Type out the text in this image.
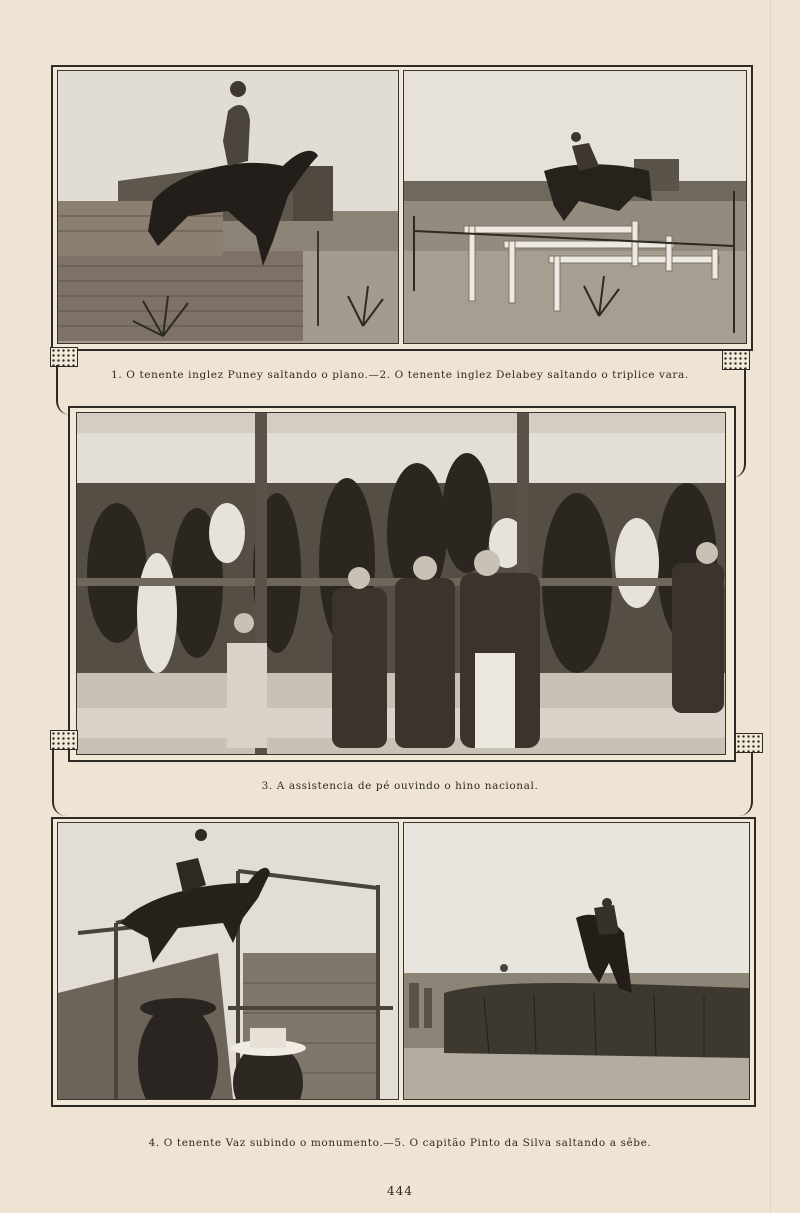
1. O tenente inglez Puney saltando o plano.—2. O tenente inglez Delabey saltando o triplice vara.
3. A assistencia de pé ouvindo o hino nacional.
4. O tenente Vaz subindo o monumento.—5. O capitão Pinto da Silva saltando a sêbe.
444
